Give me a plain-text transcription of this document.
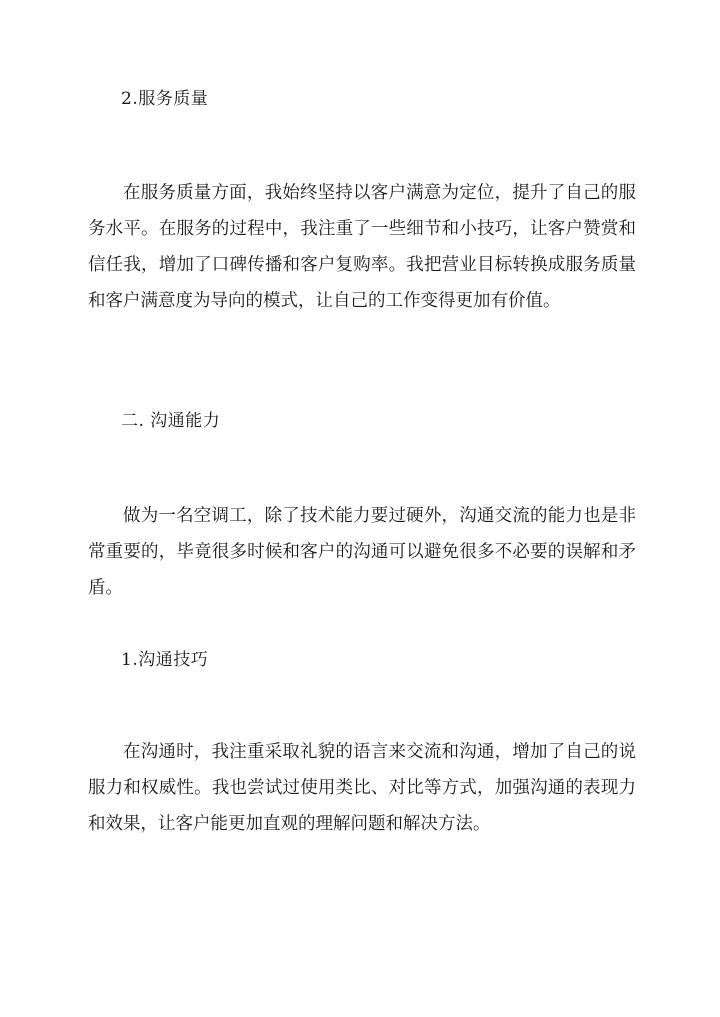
2.服务质量

在服务质量方面，我始终坚持以客户满意为定位，提升了自己的服务水平。在服务的过程中，我注重了一些细节和小技巧，让客户赞赏和信任我，增加了口碑传播和客户复购率。我把营业目标转换成服务质量和客户满意度为导向的模式，让自己的工作变得更加有价值。

二. 沟通能力

做为一名空调工，除了技术能力要过硬外，沟通交流的能力也是非常重要的，毕竟很多时候和客户的沟通可以避免很多不必要的误解和矛盾。

1.沟通技巧

在沟通时，我注重采取礼貌的语言来交流和沟通，增加了自己的说服力和权威性。我也尝试过使用类比、对比等方式，加强沟通的表现力和效果，让客户能更加直观的理解问题和解决方法。
